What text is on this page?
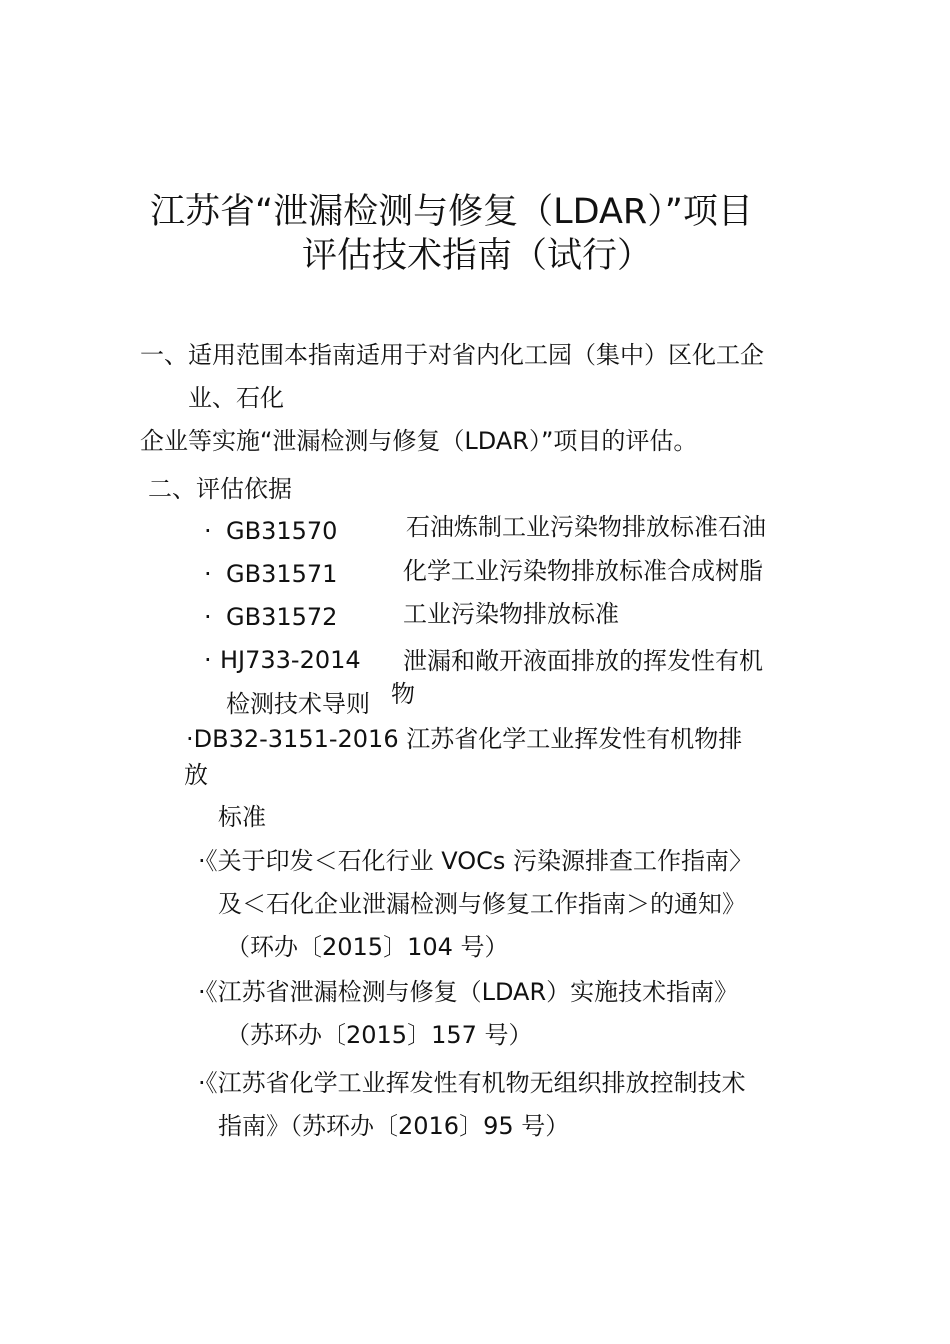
江苏省“泄漏检测与修复（LDAR）”项目
评估技术指南（试行）
一、适用范围本指南适用于对省内化工园（集中）区化工企
业、石化
企业等实施“泄漏检测与修复（LDAR）”项目的评估。
二、评估依据
· GB31570	石油炼制工业污染物排放标准石油
· GB31571	化学工业污染物排放标准合成树脂
· GB31572	工业污染物排放标准
· HJ733-2014 泄漏和敞开液面排放的挥发性有机
检测技术导则 物
·DB32-3151-2016 江苏省化学工业挥发性有机物排
放
标准
·《关于印发＜石化行业 VOCs 污染源排查工作指南〉
及＜石化企业泄漏检测与修复工作指南＞的通知》
（环办〔2015〕104 号）
·《江苏省泄漏检测与修复（LDAR）实施技术指南》
（苏环办〔2015〕157 号）
·《江苏省化学工业挥发性有机物无组织排放控制技术
指南》（苏环办〔2016〕95 号）
